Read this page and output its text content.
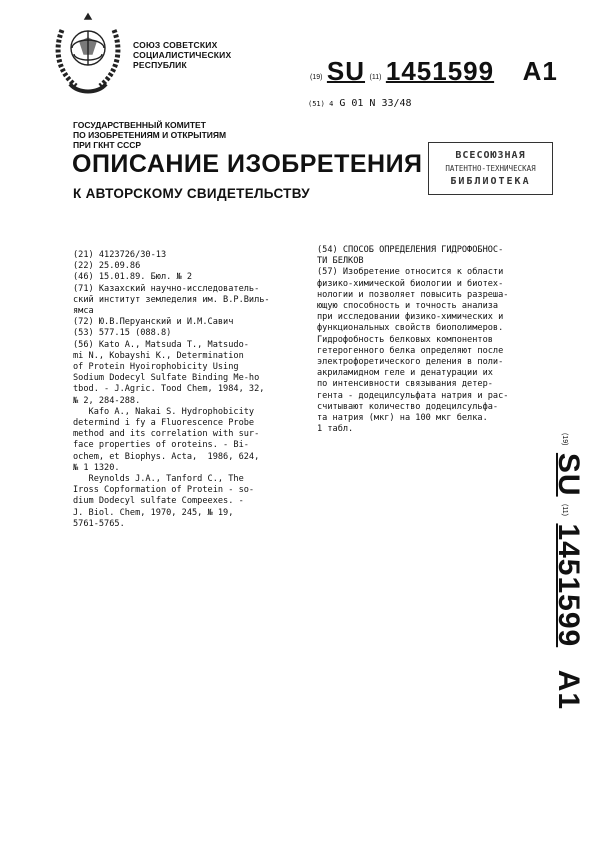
СОЮЗ СОВЕТСКИХ
СОЦИАЛИСТИЧЕСКИХ
РЕСПУБЛИК
(19) SU (11) 1451599 A1
(51) 4 G 01 N 33/48
ГОСУДАРСТВЕННЫЙ КОМИТЕТ
ПО ИЗОБРЕТЕНИЯМ И ОТКРЫТИЯМ
ПРИ ГКНТ СССР
ОПИСАНИЕ ИЗОБРЕТЕНИЯ
К АВТОРСКОМУ СВИДЕТЕЛЬСТВУ
ВСЕСОЮЗНАЯ
ПАТЕНТНО-ТЕХНИЧЕСКАЯ
БИБЛИОТЕКА
(21) 4123726/30-13
(22) 25.09.86
(46) 15.01.89. Бюл. № 2
(71) Казахский научно-исследователь-
ский институт земледелия им. В.Р.Виль-
ямса
(72) Ю.В.Перуанский и И.М.Савич
(53) 577.15 (088.8)
(56) Kato A., Matsuda T., Matsudo-
mi N., Kobayshi K., Determination
of Protein Hyoirophobicity Using
Sodium Dodecyl Sulfate Binding Me-ho
tbod. - J.Agric. Tood Chem, 1984, 32,
№ 2, 284-288.
Kafo A., Nakai S. Hydrophobicity
determind i fy a Fluorescence Probe
method and its correlation with sur-
face properties of oroteins. - Bi-
ochem, et Biophys. Acta,  1986, 624,
№ 1 1320.
Reynolds J.A., Tanford C., The
Iross Copformation of Protein - so-
dium Dodecyl sulfate Compeexes. -
J. Biol. Chem, 1970, 245, № 19,
5761-5765.
(54) СПОСОБ ОПРЕДЕЛЕНИЯ ГИДРОФОБНОС-
ТИ БЕЛКОВ
(57) Изобретение относится к области
физико-химической биологии и биотех-
нологии и позволяет повысить разреша-
ющую способность и точность анализа
при исследовании физико-химических и
функциональных свойств биополимеров.
Гидрофобность белковых компонентов
гетерогенного белка определяют после
электрофоретического деления в поли-
акриламидном геле и денатурации их
по интенсивности связывания детер-
гента - додецилсульфата натрия и рас-
считывают количество додецилсульфа-
та натрия (мкг) на 100 мкг белка.
1 табл.
$^{(19)}$ SU $^{(11)}$ 1451599 A1
